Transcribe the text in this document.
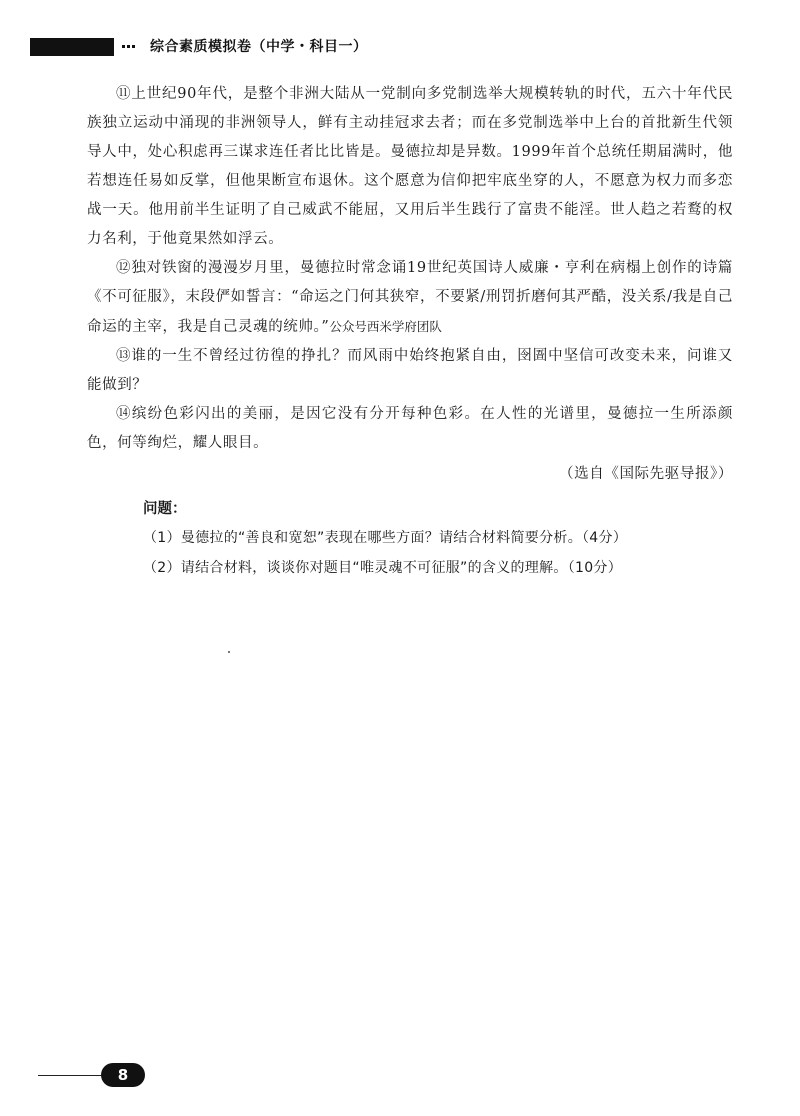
综合素质模拟卷（中学・科目一）

⑪上世纪90年代，是整个非洲大陆从一党制向多党制选举大规模转轨的时代，五六十年代民族独立运动中涌现的非洲领导人，鲜有主动挂冠求去者；而在多党制选举中上台的首批新生代领导人中，处心积虑再三谋求连任者比比皆是。曼德拉却是异数。1999年首个总统任期届满时，他若想连任易如反掌，但他果断宣布退休。这个愿意为信仰把牢底坐穿的人，不愿意为权力而多恋战一天。他用前半生证明了自己威武不能屈，又用后半生践行了富贵不能淫。世人趋之若鹜的权力名利，于他竟果然如浮云。

⑫独对铁窗的漫漫岁月里，曼德拉时常念诵19世纪英国诗人威廉・亨利在病榻上创作的诗篇《不可征服》，末段俨如誓言：“命运之门何其狭窄，不要紧/刑罚折磨何其严酷，没关系/我是自己命运的主宰，我是自己灵魂的统帅。”公众号西米学府团队

⑬谁的一生不曾经过彷徨的挣扎？而风雨中始终抱紧自由，囹圄中坚信可改变未来，问谁又能做到？

⑭缤纷色彩闪出的美丽，是因它没有分开每种色彩。在人性的光谱里，曼德拉一生所添颜色，何等绚烂，耀人眼目。

（选自《国际先驱导报》）

问题：
（1）曼德拉的“善良和宽恕”表现在哪些方面？请结合材料简要分析。（4分）
（2）请结合材料，谈谈你对题目“唯灵魂不可征服”的含义的理解。（10分）
8
